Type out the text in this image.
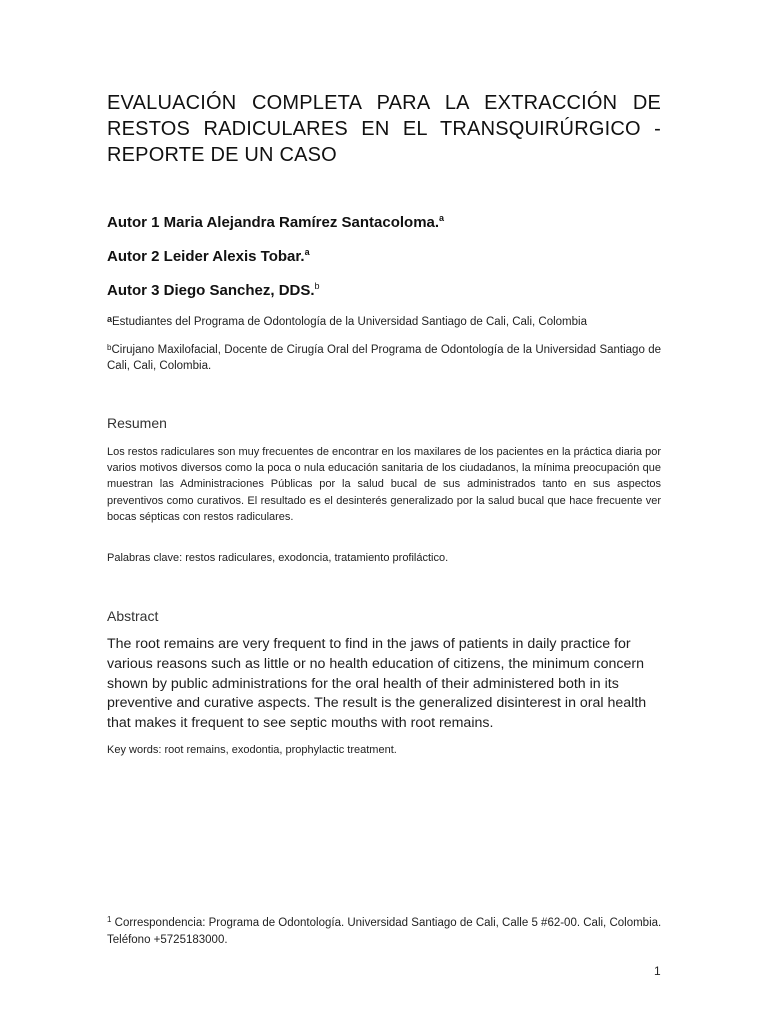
EVALUACIÓN COMPLETA PARA LA EXTRACCIÓN DE RESTOS RADICULARES EN EL TRANSQUIRÚRGICO -REPORTE DE UN CASO
Autor 1 Maria Alejandra Ramírez Santacoloma.$^a$
Autor 2 Leider Alexis Tobar.$^a$
Autor 3 Diego Sanchez, DDS.$^b$
$^a$Estudiantes del Programa de Odontología de la Universidad Santiago de Cali, Cali, Colombia
$^b$Cirujano Maxilofacial, Docente de Cirugía Oral del Programa de Odontología de la Universidad Santiago de Cali, Cali, Colombia.
Resumen

Los restos radiculares son muy frecuentes de encontrar en los maxilares de los pacientes en la práctica diaria por varios motivos diversos como la poca o nula educación sanitaria de los ciudadanos, la mínima preocupación que muestran las Administraciones Públicas por la salud bucal de sus administrados tanto en sus aspectos preventivos como curativos. El resultado es el desinterés generalizado por la salud bucal que hace frecuente ver bocas sépticas con restos radiculares.

Palabras clave: restos radiculares, exodoncia, tratamiento profiláctico.
Abstract

The root remains are very frequent to find in the jaws of patients in daily practice for various reasons such as little or no health education of citizens, the minimum concern shown by public administrations for the oral health of their administered both in its preventive and curative aspects. The result is the generalized disinterest in oral health that makes it frequent to see septic mouths with root remains.

Key words: root remains, exodontia, prophylactic treatment.
$^1$ Correspondencia: Programa de Odontología. Universidad Santiago de Cali, Calle 5 #62-00. Cali, Colombia. Teléfono +5725183000.
1
